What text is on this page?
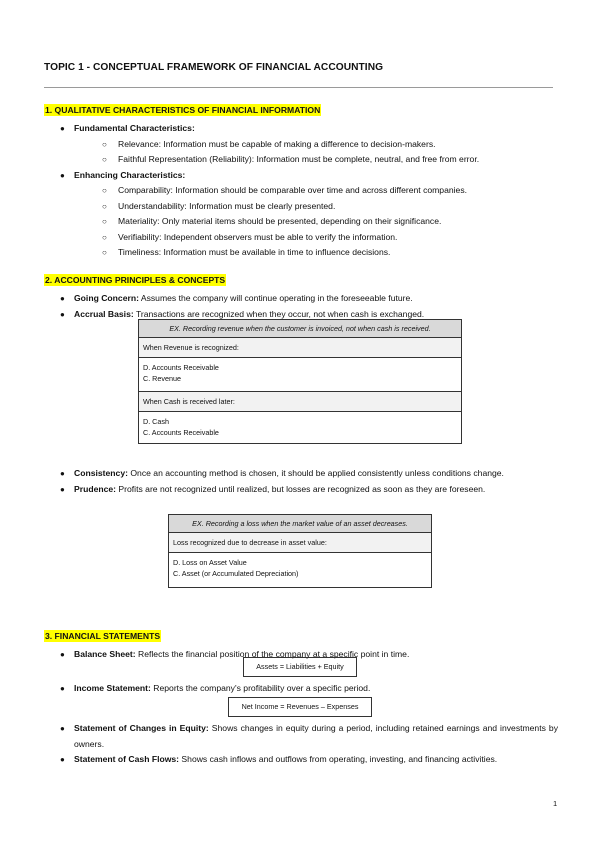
TOPIC 1 - CONCEPTUAL FRAMEWORK OF FINANCIAL ACCOUNTING
1. QUALITATIVE CHARACTERISTICS OF FINANCIAL INFORMATION
● Fundamental Characteristics:
○ Relevance: Information must be capable of making a difference to decision-makers.
○ Faithful Representation (Reliability): Information must be complete, neutral, and free from error.
● Enhancing Characteristics:
○ Comparability: Information should be comparable over time and across different companies.
○ Understandability: Information must be clearly presented.
○ Materiality: Only material items should be presented, depending on their significance.
○ Verifiability: Independent observers must be able to verify the information.
○ Timeliness: Information must be available in time to influence decisions.
2. ACCOUNTING PRINCIPLES & CONCEPTS
● Going Concern: Assumes the company will continue operating in the foreseeable future.
● Accrual Basis: Transactions are recognized when they occur, not when cash is exchanged.
EX. Recording revenue when the customer is invoiced, not when cash is received.
When Revenue is recognized:
D. Accounts Receivable
C. Revenue
When Cash is received later:
D. Cash
C. Accounts Receivable
● Consistency: Once an accounting method is chosen, it should be applied consistently unless conditions change.
● Prudence: Profits are not recognized until realized, but losses are recognized as soon as they are foreseen.
EX. Recording a loss when the market value of an asset decreases.
Loss recognized due to decrease in asset value:
D. Loss on Asset Value
C. Asset (or Accumulated Depreciation)
3. FINANCIAL STATEMENTS
● Balance Sheet: Reflects the financial position of the company at a specific point in time.
Assets = Liabilities + Equity
● Income Statement: Reports the company's profitability over a specific period.
Net Income = Revenues – Expenses
● Statement of Changes in Equity: Shows changes in equity during a period, including retained earnings and investments by owners.
● Statement of Cash Flows: Shows cash inflows and outflows from operating, investing, and financing activities.
1
